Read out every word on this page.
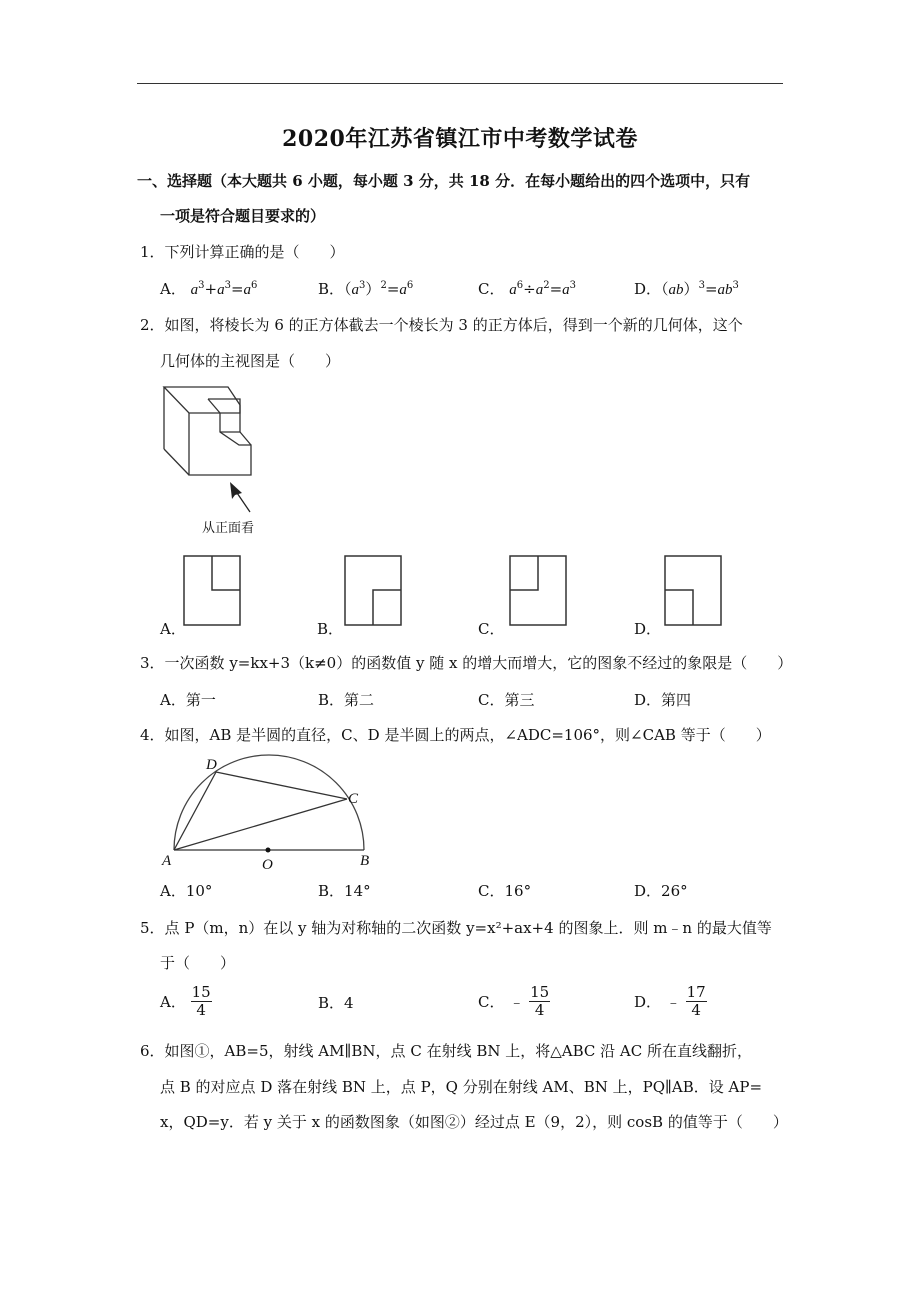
2020年江苏省镇江市中考数学试卷
一、选择题（本大题共 6 小题，每小题 3 分，共 18 分．在每小题给出的四个选项中，只有
一项是符合题目要求的）
1．下列计算正确的是（　　）
A． $a^3+a^3=a^6$	B．$(a^3)^2=a^6$	C． $a^6\div a^2=a^3$	D．$(ab)^3=ab^3$
2．如图，将棱长为 6 的正方体截去一个棱长为 3 的正方体后，得到一个新的几何体，这个
几何体的主视图是（　　）
从正面看
A．	B．	C．	D．
3．一次函数 y=kx+3（k≠0）的函数值 y 随 x 的增大而增大，它的图象不经过的象限是（　　）
A．第一	B．第二	C．第三	D．第四
4．如图，AB 是半圆的直径，C、D 是半圆上的两点，∠ADC=106°，则∠CAB 等于（　　）
A	B
C
D
O
A．10°	B．14°	C．16°	D．26°
5．点 P（m，n）在以 y 轴为对称轴的二次函数 y=x²+ax+4 的图象上．则 m﹣n 的最大值等
于（　　）
A． $\frac{15}{4}$	B．4	C． ﹣ $\frac{15}{4}$	D． ﹣ $\frac{17}{4}$
6．如图①，AB=5，射线 AM∥BN，点 C 在射线 BN 上，将△ABC 沿 AC 所在直线翻折，
点 B 的对应点 D 落在射线 BN 上，点 P，Q 分别在射线 AM、BN 上，PQ∥AB．设 AP=
x，QD=y．若 y 关于 x 的函数图象（如图②）经过点 E（9，2），则 cosB 的值等于（　　）
